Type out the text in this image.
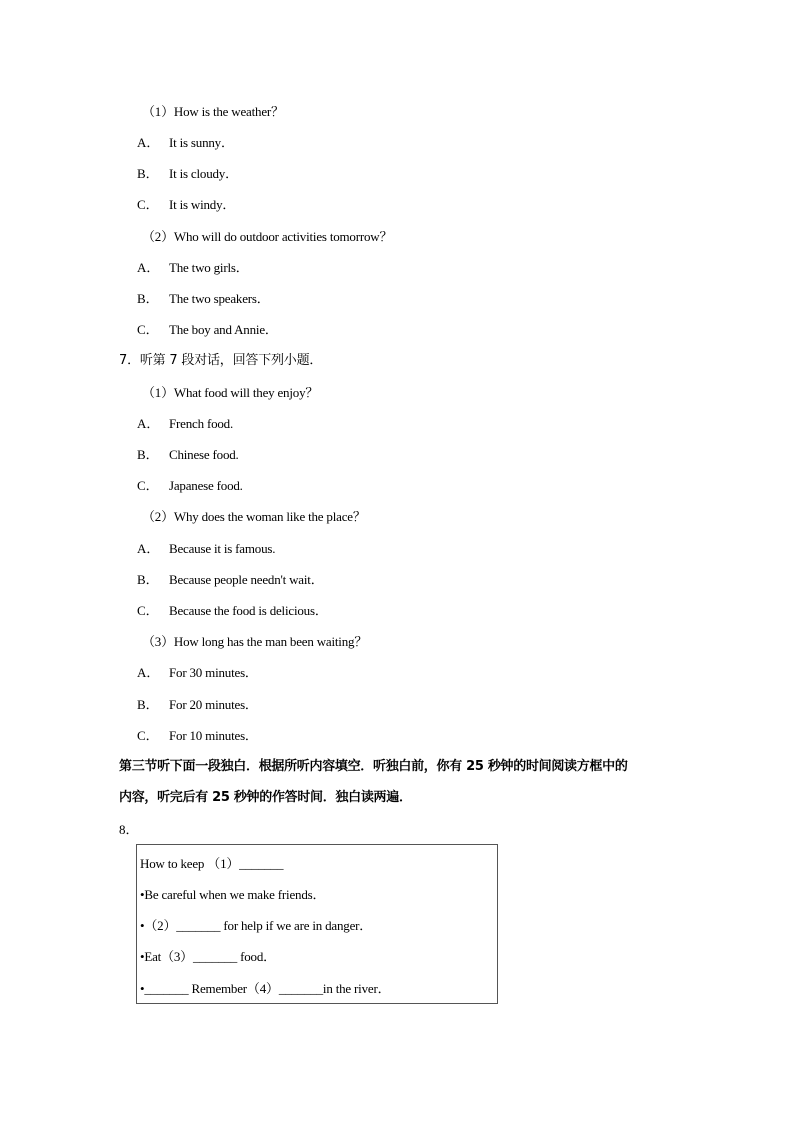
（1）How is the weather？
A． It is sunny．
B． It is cloudy．
C． It is windy．
（2）Who will do outdoor activities tomorrow？
A． The two girls．
B． The two speakers．
C． The boy and Annie．
7．听第 7 段对话，回答下列小题．
（1）What food will they enjoy？
A． French food.
B． Chinese food.
C． Japanese food.
（2）Why does the woman like the place？
A． Because it is famous.
B． Because people needn't wait．
C． Because the food is delicious．
（3）How long has the man been waiting？
A． For 30 minutes．
B． For 20 minutes．
C． For 10 minutes．
第三节听下面一段独白．根据所听内容填空．听独白前，你有 25 秒钟的时间阅读方框中的
内容，听完后有 25 秒钟的作答时间．独白读两遍．
8．
How to keep （1）_______
•Be careful when we make friends．
•（2）_______ for help if we are in danger．
•Eat（3）_______ food．
•_______ Remember（4）_______in the river．
